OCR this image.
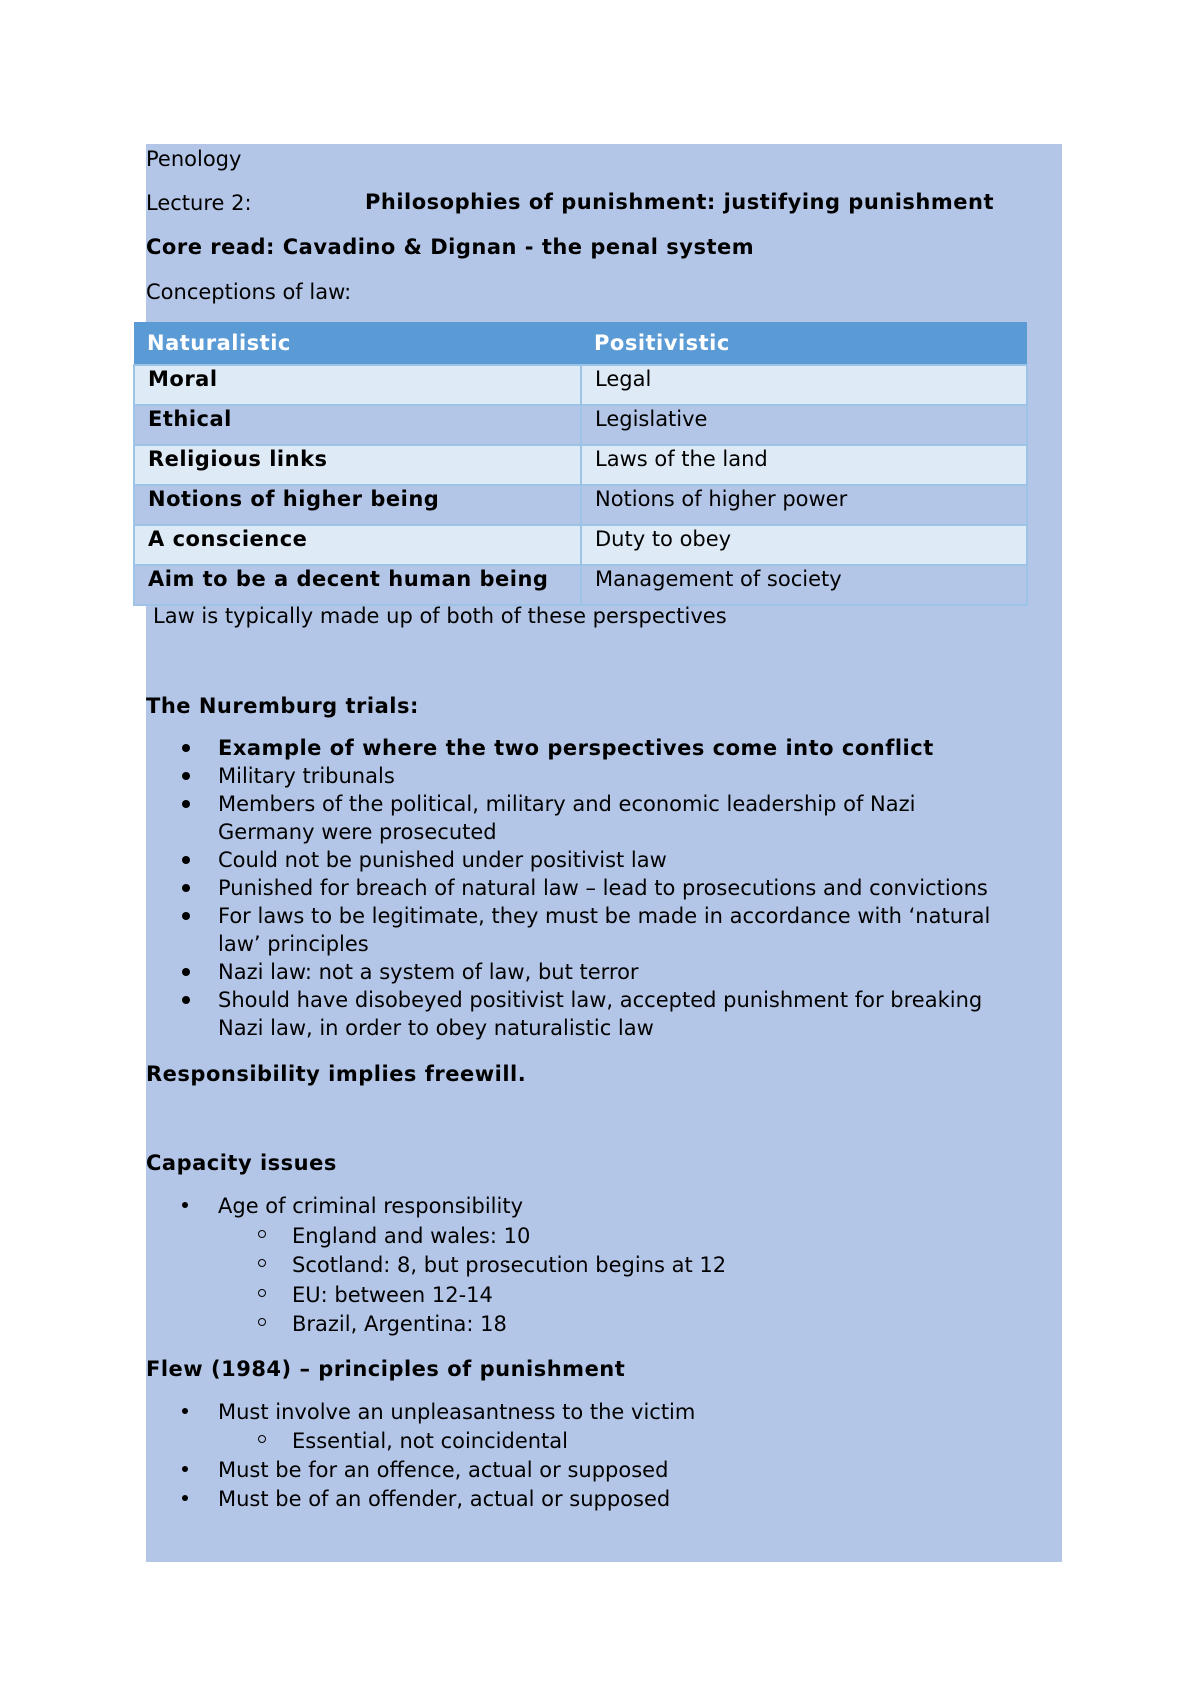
Penology
Lecture 2:	Philosophies of punishment: justifying punishment
Core read: Cavadino & Dignan - the penal system
Conceptions of law:
Naturalistic	Positivistic
Moral	Legal
Ethical	Legislative
Religious links	Laws of the land
Notions of higher being	Notions of higher power
A conscience	Duty to obey
Aim to be a decent human being	Management of society
Law is typically made up of both of these perspectives
The Nuremburg trials:
Example of where the two perspectives come into conflict
Military tribunals
Members of the political, military and economic leadership of Nazi
Germany were prosecuted
Could not be punished under positivist law
Punished for breach of natural law – lead to prosecutions and convictions
For laws to be legitimate, they must be made in accordance with ‘natural
law’ principles
Nazi law: not a system of law, but terror
Should have disobeyed positivist law, accepted punishment for breaking
Nazi law, in order to obey naturalistic law
Responsibility implies freewill.
Capacity issues
Age of criminal responsibility
England and wales: 10
Scotland: 8, but prosecution begins at 12
EU: between 12-14
Brazil, Argentina: 18
Flew (1984) – principles of punishment
Must involve an unpleasantness to the victim
Essential, not coincidental
Must be for an offence, actual or supposed
Must be of an offender, actual or supposed
